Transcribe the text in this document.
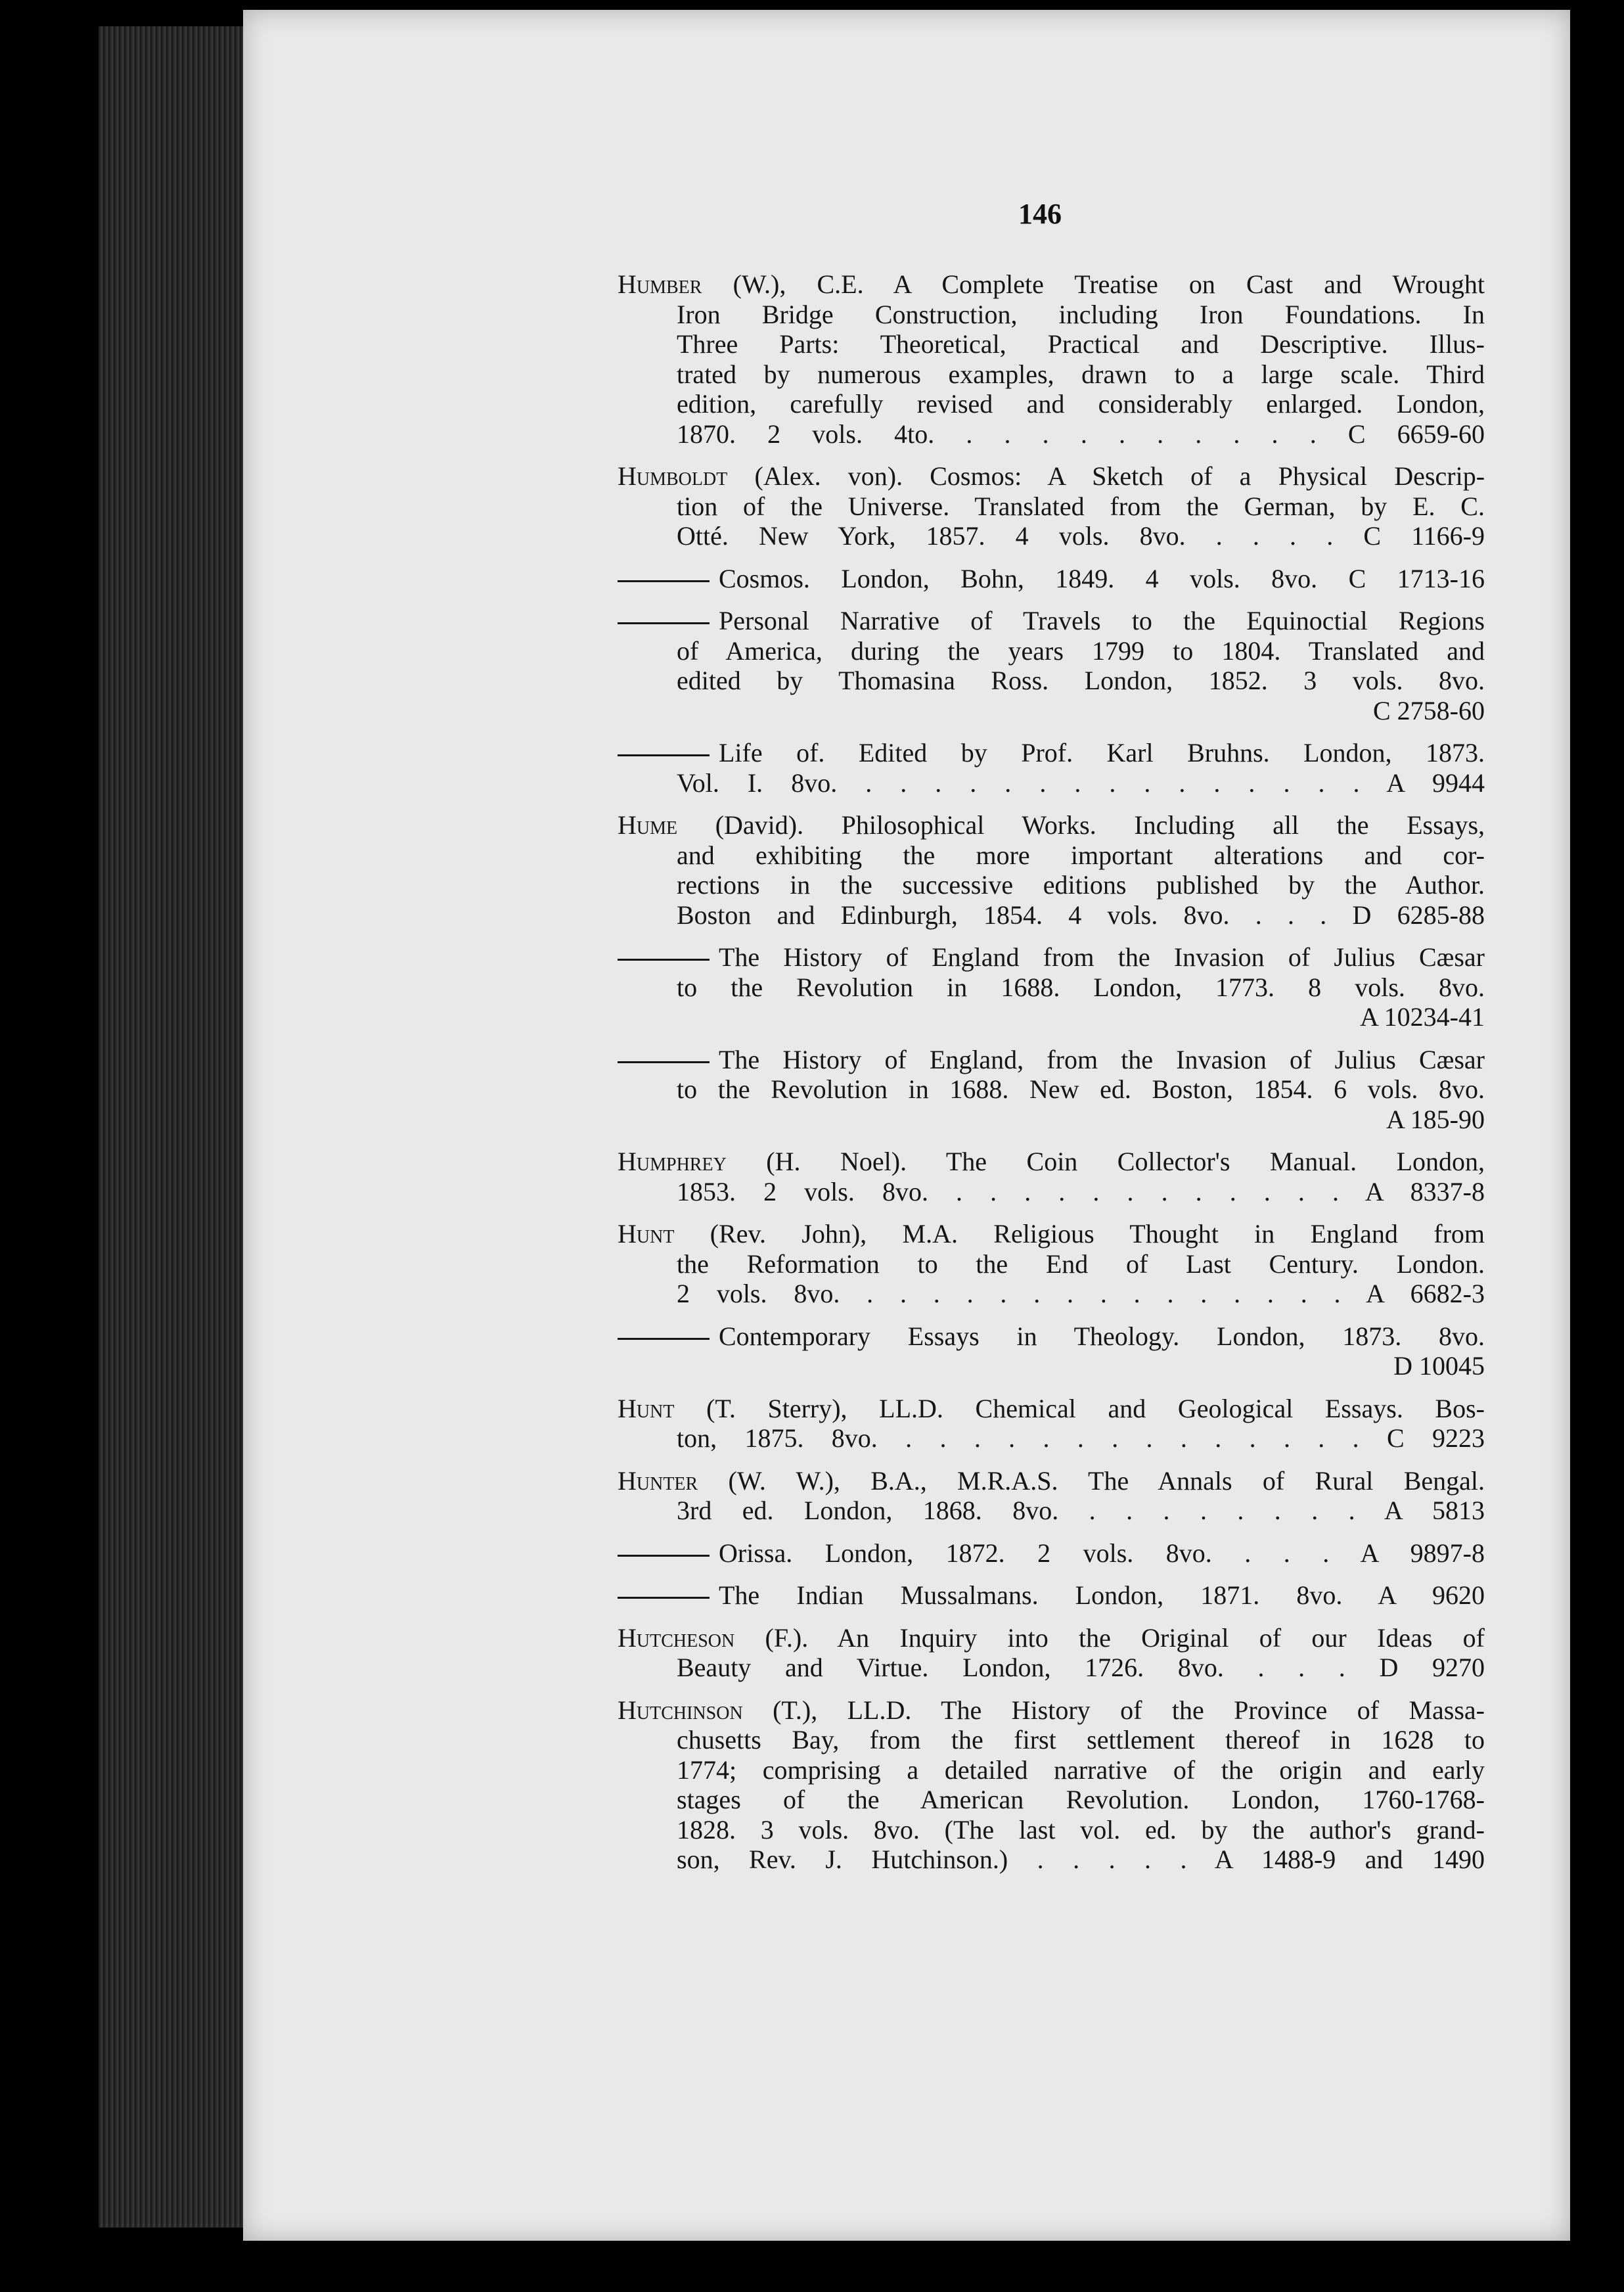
146

Humber (W.), C.E. A Complete Treatise on Cast and Wrought

Iron Bridge Construction, including Iron Foundations. In

Three Parts: Theoretical, Practical and Descriptive. Illus-

trated by numerous examples, drawn to a large scale. Third

edition, carefully revised and considerably enlarged. London,

1870. 2 vols. 4to. . . . . . . . . . . C 6659-60

Humboldt (Alex. von). Cosmos: A Sketch of a Physical Descrip-

tion of the Universe. Translated from the German, by E. C.

Otté. New York, 1857. 4 vols. 8vo. . . . . C 1166-9

Cosmos. London, Bohn, 1849. 4 vols. 8vo. C 1713-16

Personal Narrative of Travels to the Equinoctial Regions

of America, during the years 1799 to 1804. Translated and

edited by Thomasina Ross. London, 1852. 3 vols. 8vo.

C 2758-60

Life of. Edited by Prof. Karl Bruhns. London, 1873.

Vol. I. 8vo. . . . . . . . . . . . . . . . A 9944

Hume (David). Philosophical Works. Including all the Essays,

and exhibiting the more important alterations and cor-

rections in the successive editions published by the Author.

Boston and Edinburgh, 1854. 4 vols. 8vo. . . . D 6285-88

The History of England from the Invasion of Julius Cæsar

to the Revolution in 1688. London, 1773. 8 vols. 8vo.

A 10234-41

The History of England, from the Invasion of Julius Cæsar

to the Revolution in 1688. New ed. Boston, 1854. 6 vols. 8vo.

A 185-90

Humphrey (H. Noel). The Coin Collector's Manual. London,

1853. 2 vols. 8vo. . . . . . . . . . . . . A 8337-8

Hunt (Rev. John), M.A. Religious Thought in England from

the Reformation to the End of Last Century. London.

2 vols. 8vo. . . . . . . . . . . . . . . . A 6682-3

Contemporary Essays in Theology. London, 1873. 8vo.

D 10045

Hunt (T. Sterry), LL.D. Chemical and Geological Essays. Bos-

ton, 1875. 8vo. . . . . . . . . . . . . . . C 9223

Hunter (W. W.), B.A., M.R.A.S. The Annals of Rural Bengal.

3rd ed. London, 1868. 8vo. . . . . . . . . A 5813

Orissa. London, 1872. 2 vols. 8vo. . . . A 9897-8

The Indian Mussalmans. London, 1871. 8vo. A 9620

Hutcheson (F.). An Inquiry into the Original of our Ideas of

Beauty and Virtue. London, 1726. 8vo. . . . D 9270

Hutchinson (T.), LL.D. The History of the Province of Massa-

chusetts Bay, from the first settlement thereof in 1628 to

1774; comprising a detailed narrative of the origin and early

stages of the American Revolution. London, 1760-1768-

1828. 3 vols. 8vo. (The last vol. ed. by the author's grand-

son, Rev. J. Hutchinson.) . . . . . A 1488-9 and 1490
